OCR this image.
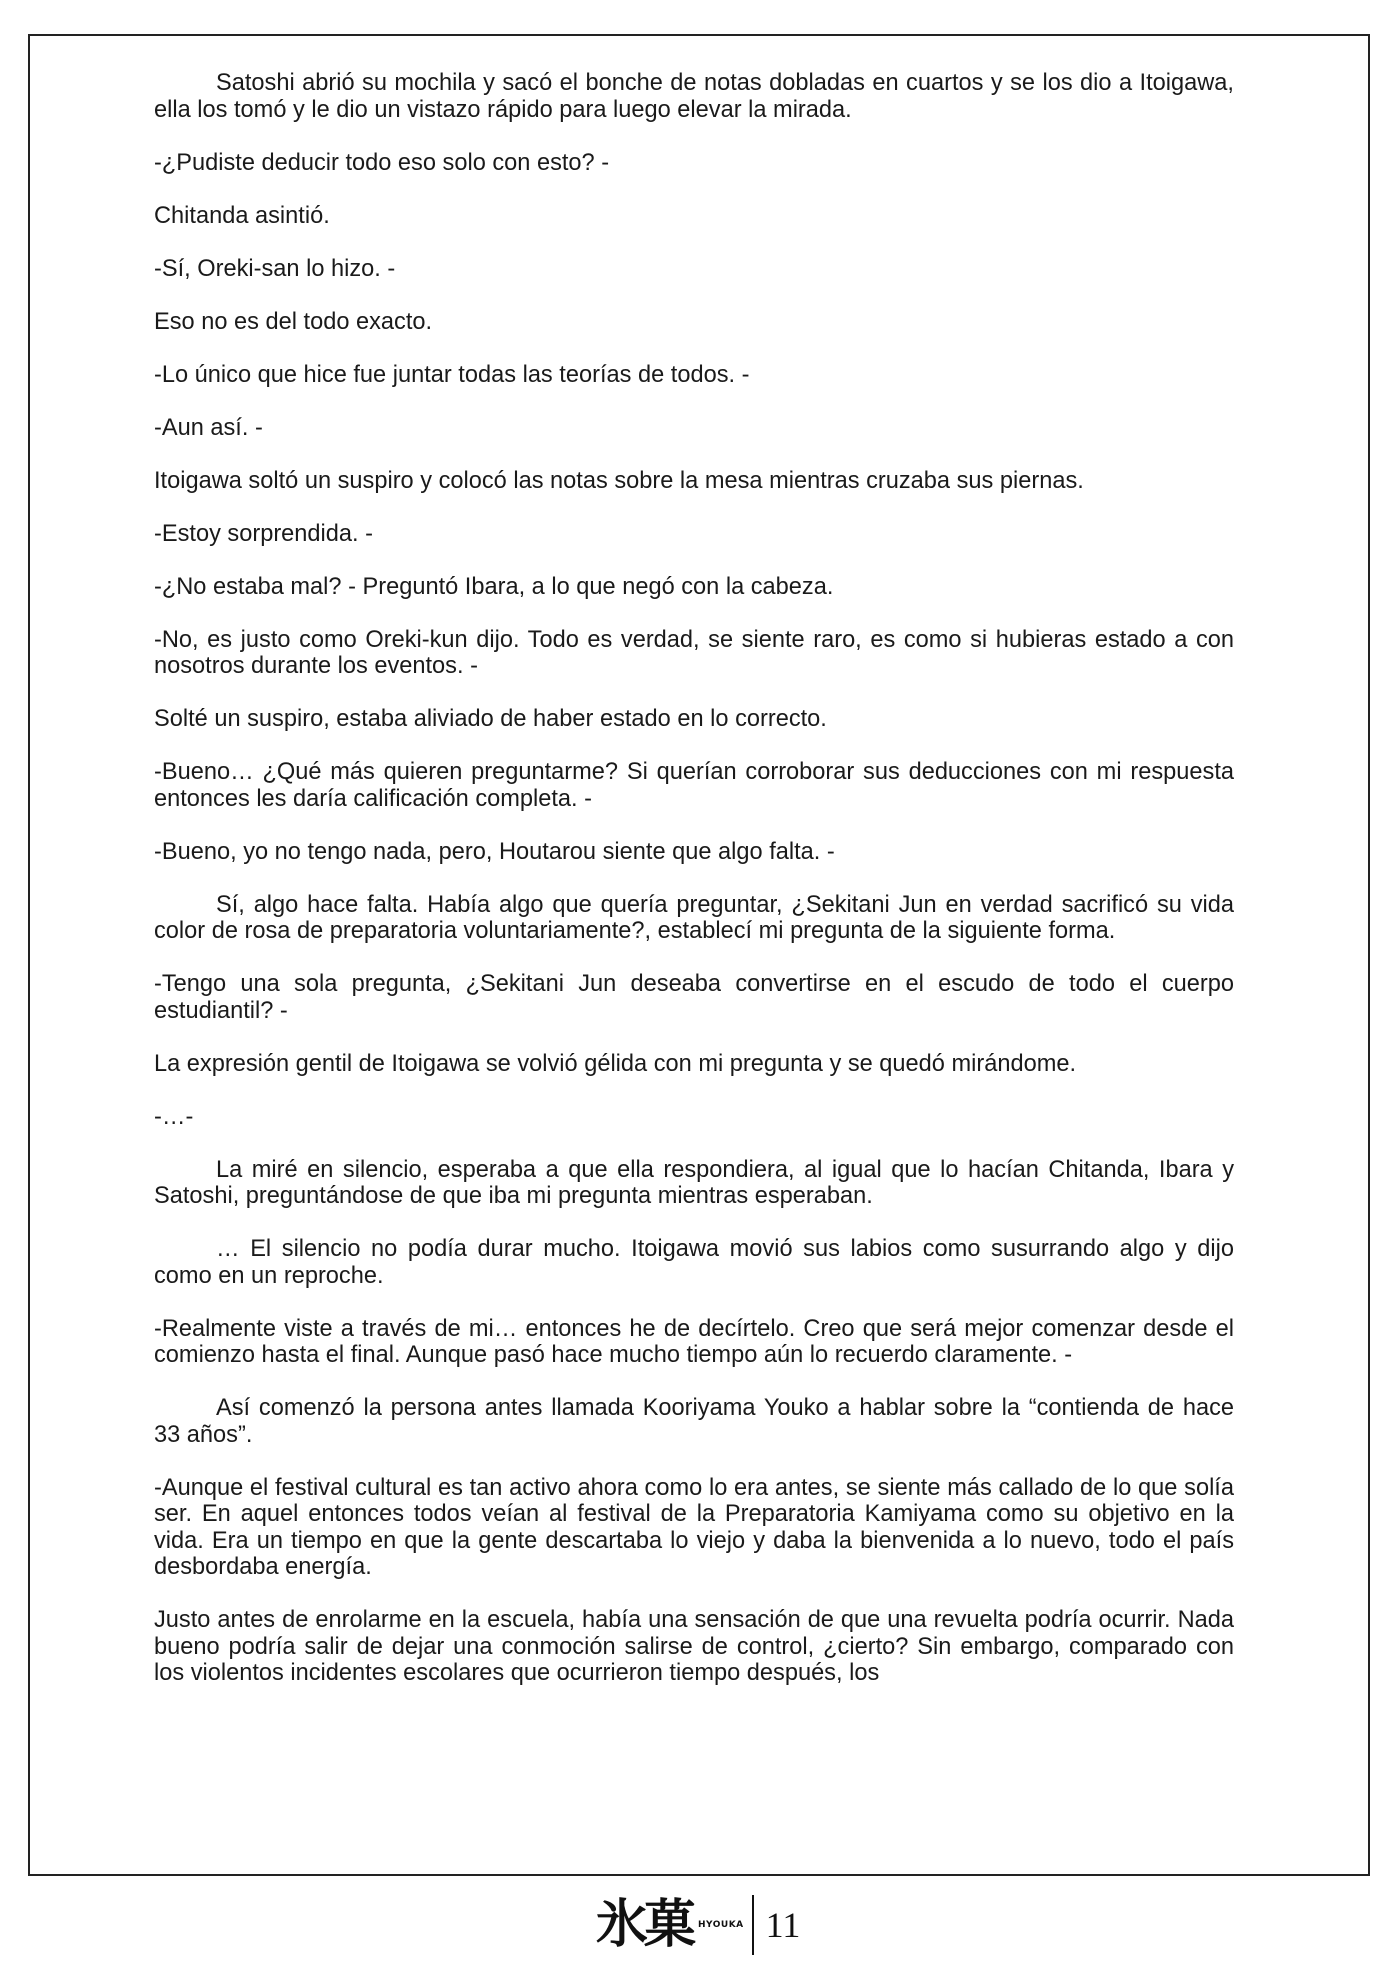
Satoshi abrió su mochila y sacó el bonche de notas dobladas en cuartos y se los dio a Itoigawa, ella los tomó y le dio un vistazo rápido para luego elevar la mirada.

-¿Pudiste deducir todo eso solo con esto? -

Chitanda asintió.

-Sí, Oreki-san lo hizo. -

Eso no es del todo exacto.

-Lo único que hice fue juntar todas las teorías de todos. -

-Aun así. -

Itoigawa soltó un suspiro y colocó las notas sobre la mesa mientras cruzaba sus piernas.

-Estoy sorprendida. -

-¿No estaba mal? - Preguntó Ibara, a lo que negó con la cabeza.

-No, es justo como Oreki-kun dijo. Todo es verdad, se siente raro, es como si hubieras estado a con nosotros durante los eventos. -

Solté un suspiro, estaba aliviado de haber estado en lo correcto.

-Bueno… ¿Qué más quieren preguntarme? Si querían corroborar sus deducciones con mi respuesta entonces les daría calificación completa. -

-Bueno, yo no tengo nada, pero, Houtarou siente que algo falta. -

Sí, algo hace falta. Había algo que quería preguntar, ¿Sekitani Jun en verdad sacrificó su vida color de rosa de preparatoria voluntariamente?, establecí mi pregunta de la siguiente forma.

-Tengo una sola pregunta, ¿Sekitani Jun deseaba convertirse en el escudo de todo el cuerpo estudiantil? -

La expresión gentil de Itoigawa se volvió gélida con mi pregunta y se quedó mirándome.

-…-

La miré en silencio, esperaba a que ella respondiera, al igual que lo hacían Chitanda, Ibara y Satoshi, preguntándose de que iba mi pregunta mientras esperaban.

… El silencio no podía durar mucho. Itoigawa movió sus labios como susurrando algo y dijo como en un reproche.

-Realmente viste a través de mi… entonces he de decírtelo. Creo que será mejor comenzar desde el comienzo hasta el final. Aunque pasó hace mucho tiempo aún lo recuerdo claramente. -

Así comenzó la persona antes llamada Kooriyama Youko a hablar sobre la “contienda de hace 33 años”.

-Aunque el festival cultural es tan activo ahora como lo era antes, se siente más callado de lo que solía ser. En aquel entonces todos veían al festival de la Preparatoria Kamiyama como su objetivo en la vida. Era un tiempo en que la gente descartaba lo viejo y daba la bienvenida a lo nuevo, todo el país desbordaba energía.

Justo antes de enrolarme en la escuela, había una sensación de que una revuelta podría ocurrir. Nada bueno podría salir de dejar una conmoción salirse de control, ¿cierto? Sin embargo, comparado con los violentos incidentes escolares que ocurrieron tiempo después, los

氷菓 HYOUKA 11
